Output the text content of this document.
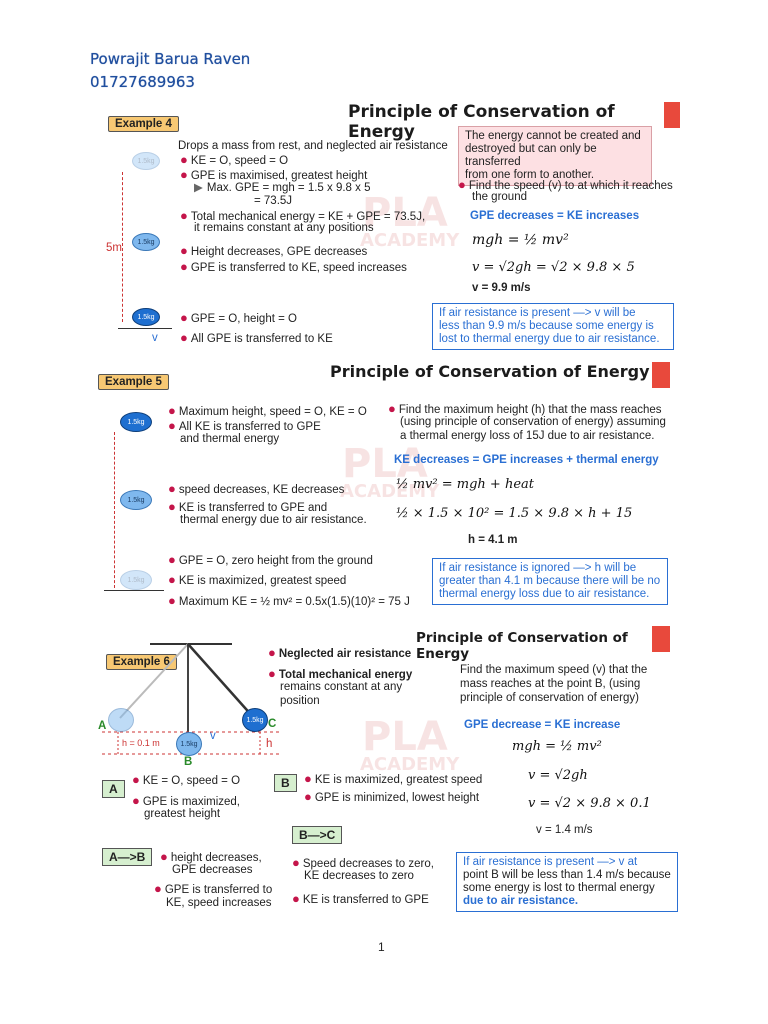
Powrajit Barua Raven
01727689963
PLA
ACADEMY
Principle of Conservation of Energy
Example 4
1.5kg
1.5kg
1.5kg
5m
v
Drops a mass from rest, and neglected air resistance
● KE = O, speed = O
● GPE is maximised, greatest height
▶ Max. GPE = mgh = 1.5 x 9.8 x 5
= 73.5J
● Total mechanical energy = KE + GPE = 73.5J,
it remains constant at any positions
● Height decreases, GPE decreases
● GPE is transferred to KE, speed increases
● GPE = O, height = O
● All GPE is transferred to KE
The energy cannot be created and
destroyed but can only be transferred
from one form to another.
● Find the speed (v) to at which it reaches
the ground
GPE decreases = KE increases
mgh = ½ mv²
v = √2gh = √2 × 9.8 × 5
v = 9.9 m/s
If air resistance is present —> v will be
less than 9.9 m/s because some energy is
lost to thermal energy due to air resistance.
PLA
ACADEMY
Principle of Conservation of Energy
Example 5
1.5kg
1.5kg
1.5kg
● Maximum height, speed = O, KE = O
● All KE is transferred to GPE
and thermal energy
● speed decreases, KE decreases
● KE is transferred to GPE and
thermal energy due to air resistance.
● GPE = O, zero height from the ground
● KE is maximized, greatest speed
● Maximum KE = ½ mv² = 0.5x(1.5)(10)² = 75 J
● Find the maximum height (h) that the mass reaches
(using principle of conservation of energy) assuming
a thermal energy loss of 15J due to air resistance.
KE decreases = GPE increases + thermal energy
½ mv² = mgh + heat
½ × 1.5 × 10² = 1.5 × 9.8 × h + 15
h = 4.1 m
If air resistance is ignored —> h will be
greater than 4.1 m because there will be no
thermal energy loss due to air resistance.
PLA
ACADEMY
Principle of Conservation of Energy
Example 6
1.5kg
1.5kg
A
B
C
h = 0.1 m	h
v
● Neglected air resistance
● Total mechanical energy
remains constant at any
position
A
● KE = O, speed = O
● GPE is maximized,
greatest height
B	● KE is maximized, greatest speed
● GPE is minimized, lowest height
A—>B	● height decreases,
GPE decreases
● GPE is transferred to
KE, speed increases
B—>C
● Speed decreases to zero,
KE decreases to zero
● KE is transferred to GPE
Find the maximum speed (v) that the
mass reaches at the point B, (using
principle of conservation of energy)
GPE decrease = KE increase
mgh = ½ mv²
v = √2gh
v = √2 × 9.8 × 0.1
v = 1.4 m/s
If air resistance is present —> v at
point B will be less than 1.4 m/s because
some energy is lost to thermal energy
due to air resistance.
1
